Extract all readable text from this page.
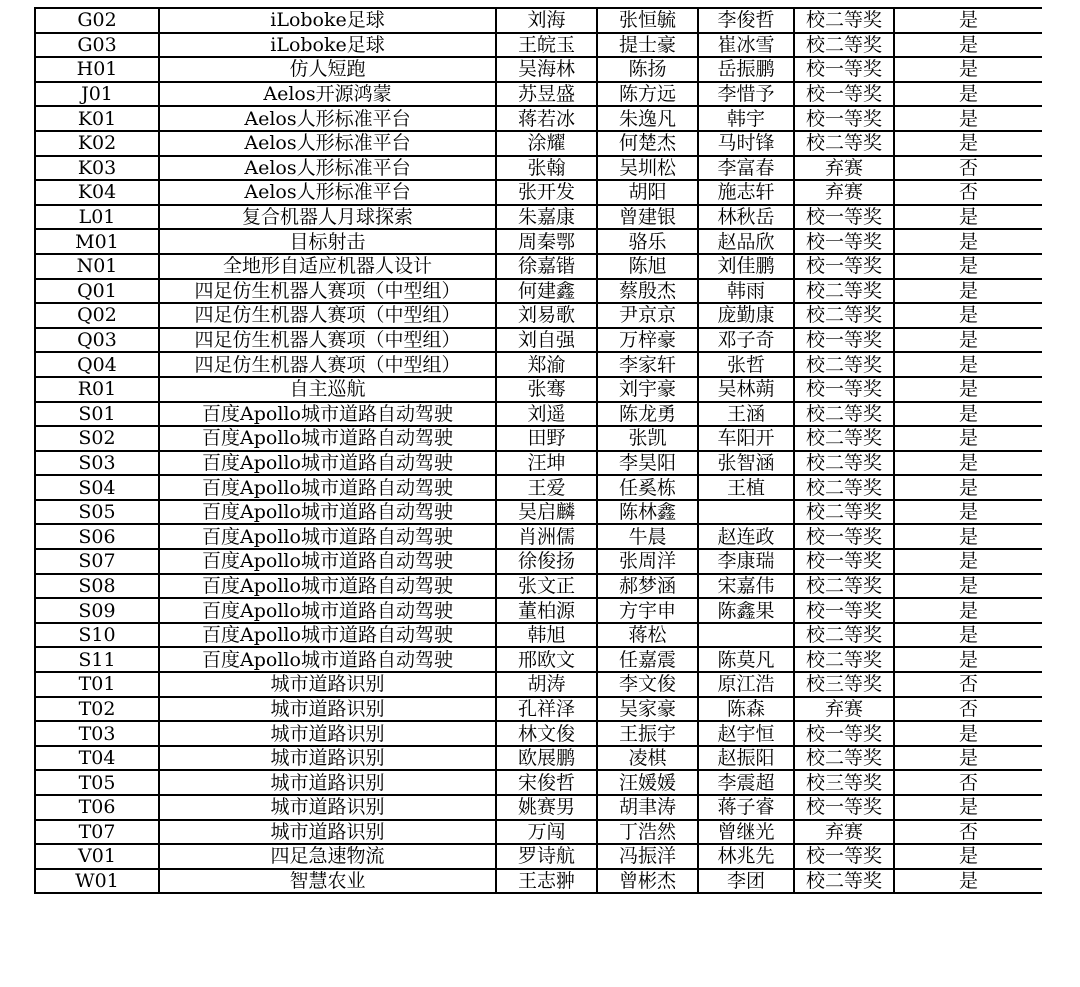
G02	iLoboke足球	刘海	张恒毓	李俊哲	校二等奖	是
G03	iLoboke足球	王皖玉	提士豪	崔冰雪	校二等奖	是
H01	仿人短跑	吴海林	陈扬	岳振鹏	校一等奖	是
J01	Aelos开源鸿蒙	苏昱盛	陈方远	李惜予	校一等奖	是
K01	Aelos人形标准平台	蒋若冰	朱逸凡	韩宇	校一等奖	是
K02	Aelos人形标准平台	涂耀	何楚杰	马时锋	校二等奖	是
K03	Aelos人形标准平台	张翰	吴圳松	李富春	弃赛	否
K04	Aelos人形标准平台	张开发	胡阳	施志轩	弃赛	否
L01	复合机器人月球探索	朱嘉康	曾建银	林秋岳	校一等奖	是
M01	目标射击	周秦鄂	骆乐	赵品欣	校一等奖	是
N01	全地形自适应机器人设计	徐嘉锴	陈旭	刘佳鹏	校一等奖	是
Q01	四足仿生机器人赛项（中型组）	何建鑫	蔡殷杰	韩雨	校二等奖	是
Q02	四足仿生机器人赛项（中型组）	刘易歌	尹京京	庞勤康	校二等奖	是
Q03	四足仿生机器人赛项（中型组）	刘自强	万梓豪	邓子奇	校一等奖	是
Q04	四足仿生机器人赛项（中型组）	郑渝	李家轩	张哲	校二等奖	是
R01	自主巡航	张骞	刘宇豪	吴林蒴	校一等奖	是
S01	百度Apollo城市道路自动驾驶	刘遥	陈龙勇	王涵	校二等奖	是
S02	百度Apollo城市道路自动驾驶	田野	张凯	车阳开	校二等奖	是
S03	百度Apollo城市道路自动驾驶	汪坤	李昊阳	张智涵	校二等奖	是
S04	百度Apollo城市道路自动驾驶	王爱	任奚栋	王植	校二等奖	是
S05	百度Apollo城市道路自动驾驶	吴启麟	陈林鑫		校二等奖	是
S06	百度Apollo城市道路自动驾驶	肖洲儒	牛晨	赵连政	校一等奖	是
S07	百度Apollo城市道路自动驾驶	徐俊扬	张周洋	李康瑞	校一等奖	是
S08	百度Apollo城市道路自动驾驶	张文正	郝梦涵	宋嘉伟	校二等奖	是
S09	百度Apollo城市道路自动驾驶	董柏源	方宇申	陈鑫果	校一等奖	是
S10	百度Apollo城市道路自动驾驶	韩旭	蒋松		校二等奖	是
S11	百度Apollo城市道路自动驾驶	邢欧文	任嘉震	陈莫凡	校二等奖	是
T01	城市道路识别	胡涛	李文俊	原江浩	校三等奖	否
T02	城市道路识别	孔祥泽	吴家豪	陈森	弃赛	否
T03	城市道路识别	林文俊	王振宇	赵宇恒	校一等奖	是
T04	城市道路识别	欧展鹏	凌棋	赵振阳	校二等奖	是
T05	城市道路识别	宋俊哲	汪媛媛	李震超	校三等奖	否
T06	城市道路识别	姚赛男	胡聿涛	蒋子睿	校一等奖	是
T07	城市道路识别	万闯	丁浩然	曾继光	弃赛	否
V01	四足急速物流	罗诗航	冯振洋	林兆先	校一等奖	是
W01	智慧农业	王志翀	曾彬杰	李团	校二等奖	是
